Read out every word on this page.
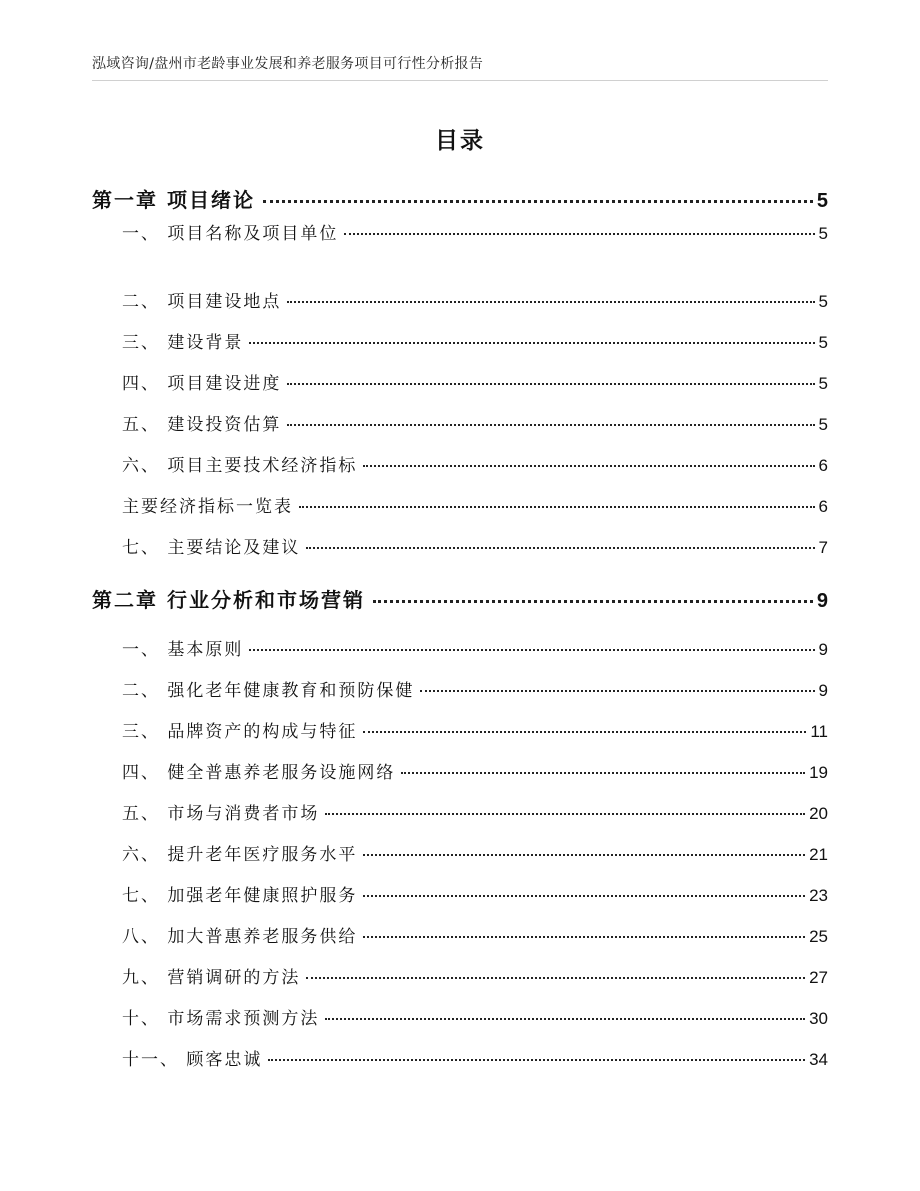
泓域咨询/盘州市老龄事业发展和养老服务项目可行性分析报告
目录
第一章 项目绪论	5
一、 项目名称及项目单位	5
二、 项目建设地点	5
三、 建设背景	5
四、 项目建设进度	5
五、 建设投资估算	5
六、 项目主要技术经济指标	6
主要经济指标一览表	6
七、 主要结论及建议	7
第二章 行业分析和市场营销	9
一、 基本原则	9
二、 强化老年健康教育和预防保健	9
三、 品牌资产的构成与特征	11
四、 健全普惠养老服务设施网络	19
五、 市场与消费者市场	20
六、 提升老年医疗服务水平	21
七、 加强老年健康照护服务	23
八、 加大普惠养老服务供给	25
九、 营销调研的方法	27
十、 市场需求预测方法	30
十一、 顾客忠诚	34
